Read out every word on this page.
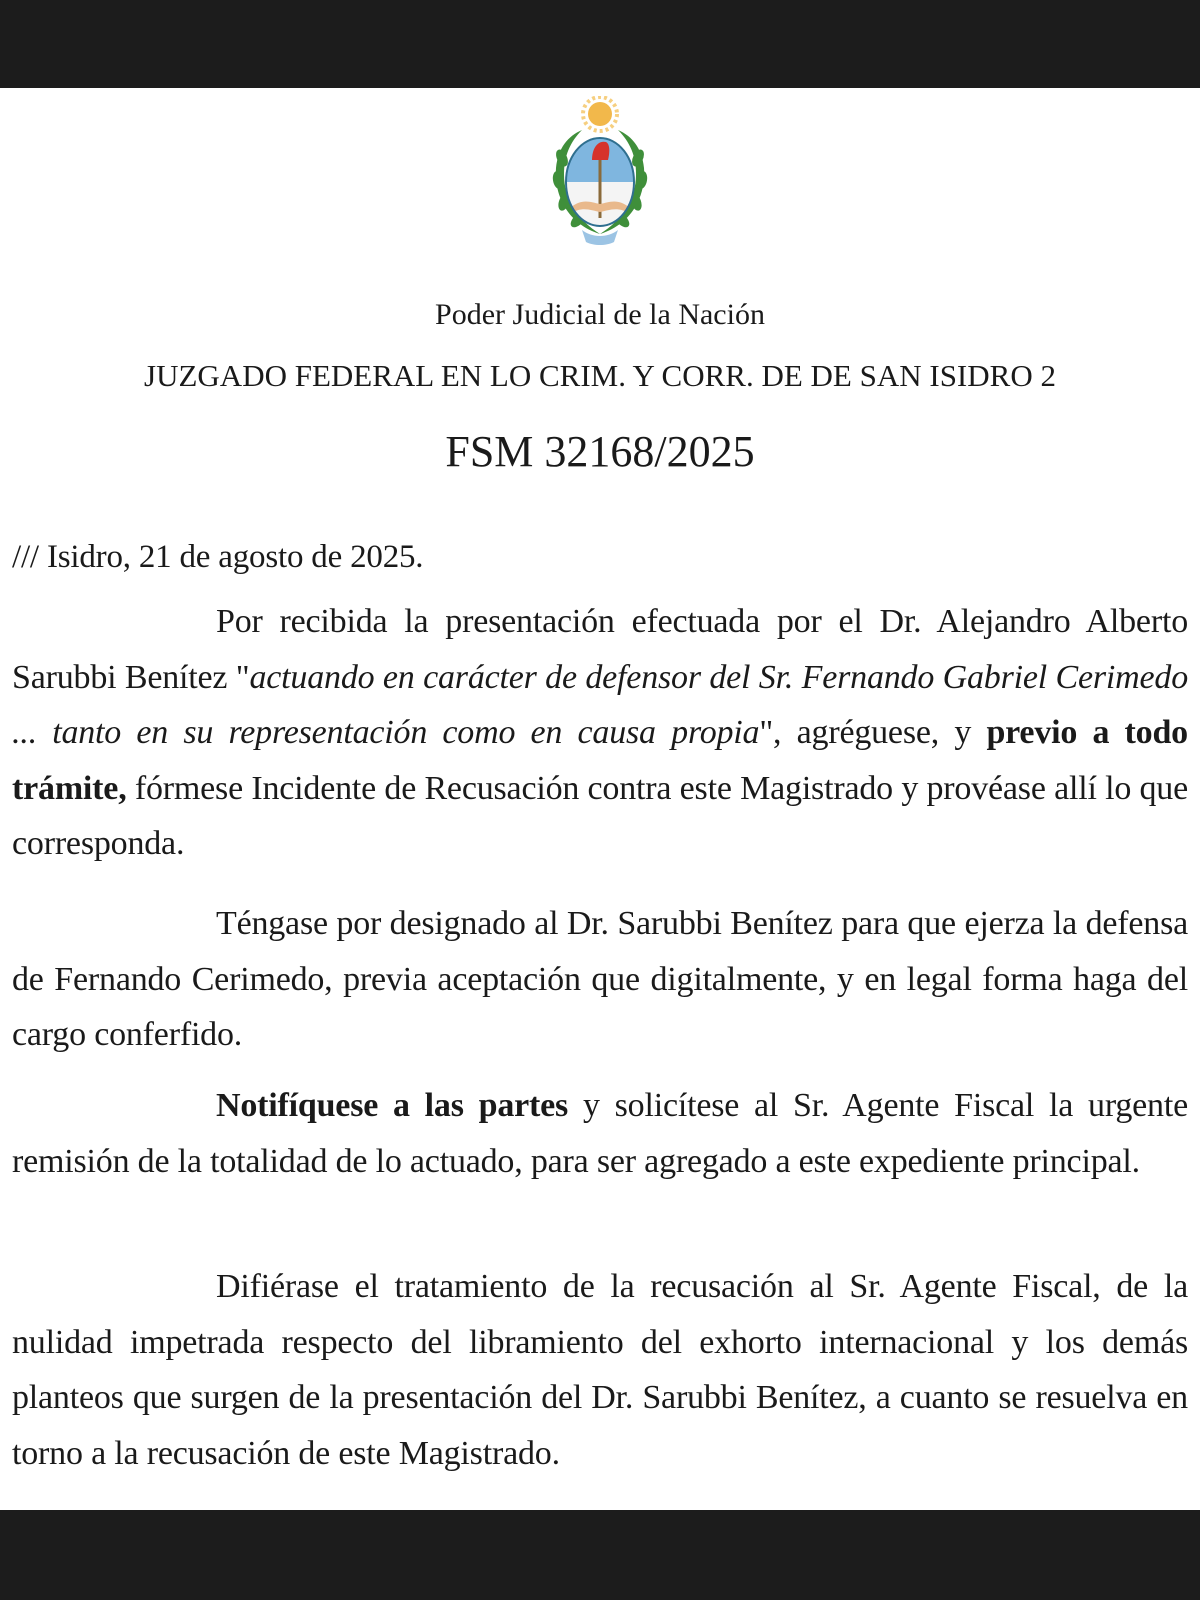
Poder Judicial de la Nación
JUZGADO FEDERAL EN LO CRIM. Y CORR. DE DE SAN ISIDRO 2
FSM 32168/2025
/// Isidro, 21 de agosto de 2025.
Por recibida la presentación efectuada por el Dr. Alejandro Alberto Sarubbi Benítez "actuando en carácter de defensor del Sr. Fernando Gabriel Cerimedo ... tanto en su representación como en causa propia", agréguese, y previo a todo trámite, fórmese Incidente de Recusación contra este Magistrado y provéase allí lo que corresponda.
Téngase por designado al Dr. Sarubbi Benítez para que ejerza la defensa de Fernando Cerimedo, previa aceptación que digitalmente, y en legal forma haga del cargo conferfido.
Notifíquese a las partes y solicítese al Sr. Agente Fiscal la urgente remisión de la totalidad de lo actuado, para ser agregado a este expediente principal.
Difiérase el tratamiento de la recusación al Sr. Agente Fiscal, de la nulidad impetrada respecto del libramiento del exhorto internacional y los demás planteos que surgen de la presentación del Dr. Sarubbi Benítez, a cuanto se resuelva en torno a la recusación de este Magistrado.
